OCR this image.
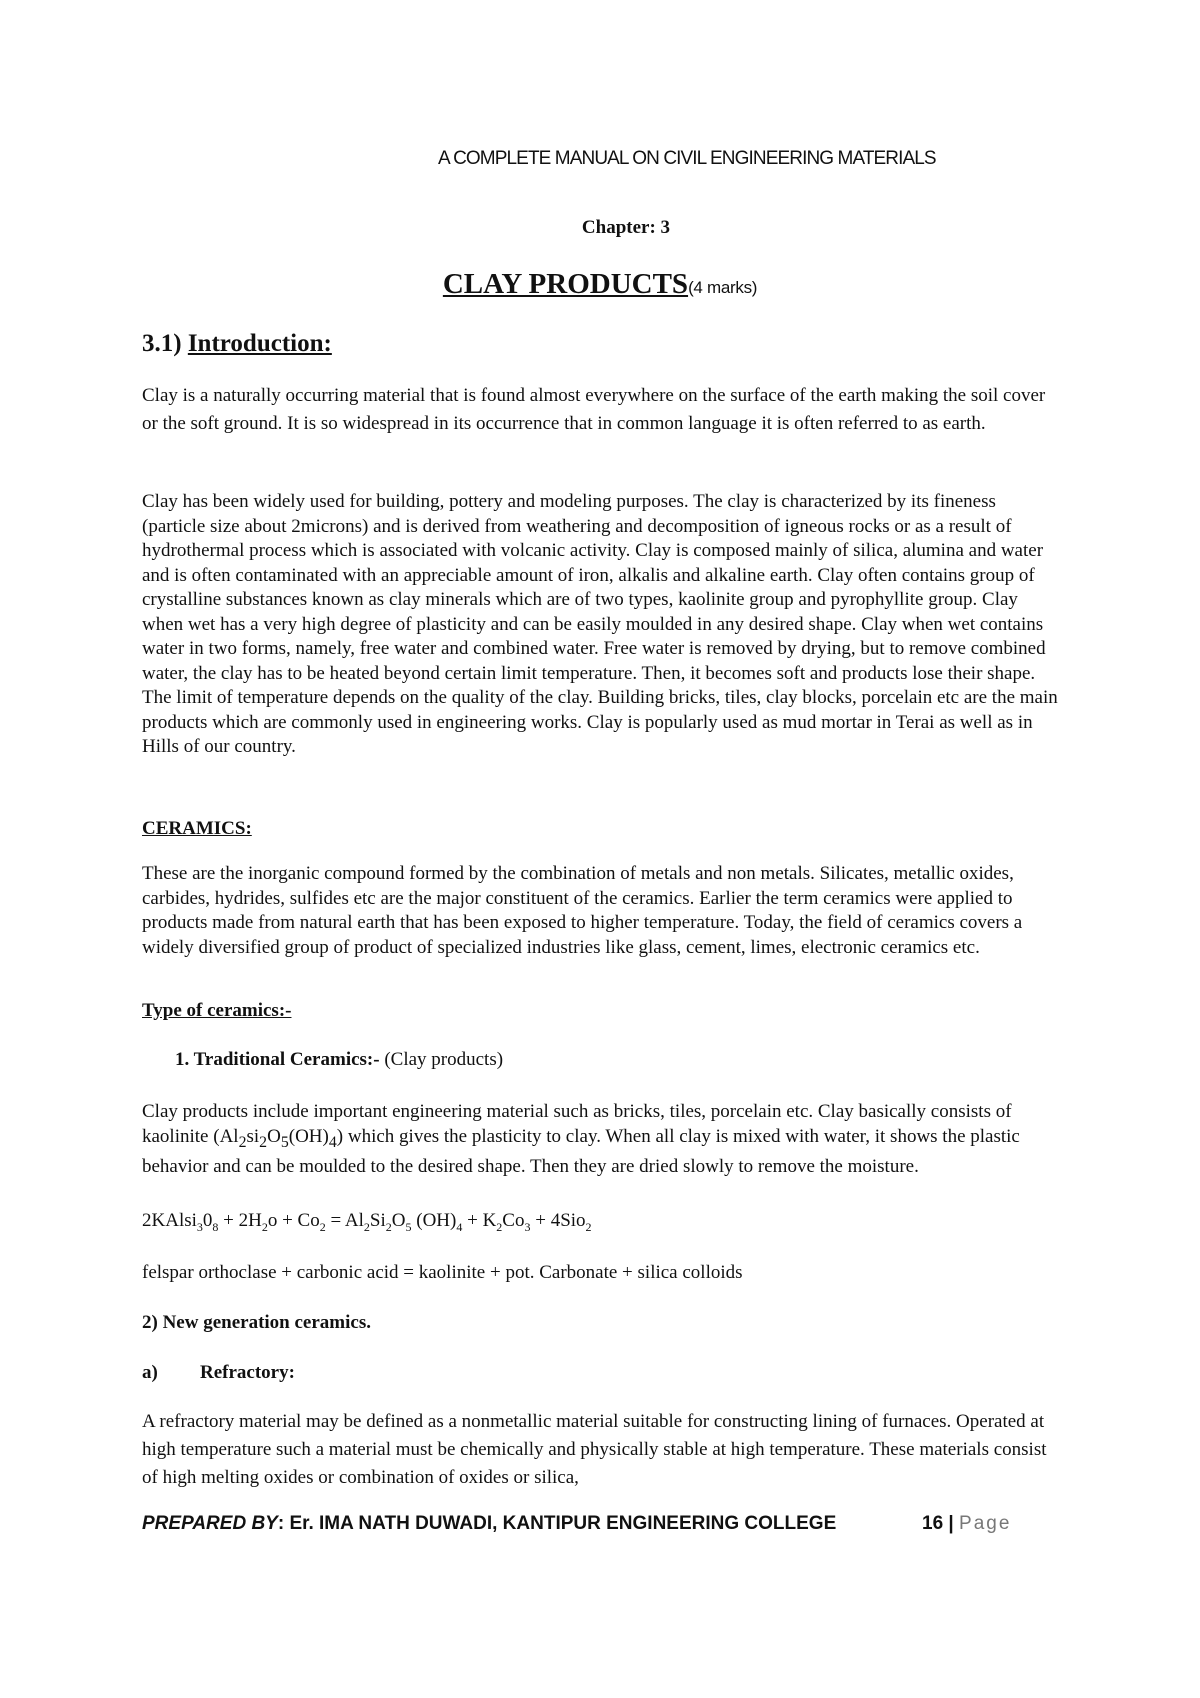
A COMPLETE MANUAL ON CIVIL ENGINEERING MATERIALS
Chapter: 3
CLAY PRODUCTS(4 marks)
3.1) Introduction:
Clay is a naturally occurring material that is found almost everywhere on the surface of the earth making the soil cover or the soft ground. It is so widespread in its occurrence that in common language it is often referred to as earth.
Clay has been widely used for building, pottery and modeling purposes. The clay is characterized by its fineness (particle size about 2microns) and is derived from weathering and decomposition of igneous rocks or as a result of hydrothermal process which is associated with volcanic activity. Clay is composed mainly of silica, alumina and water and is often contaminated with an appreciable amount of iron, alkalis and alkaline earth. Clay often contains group of crystalline substances known as clay minerals which are of two types, kaolinite group and pyrophyllite group. Clay when wet has a very high degree of plasticity and can be easily moulded in any desired shape. Clay when wet contains water in two forms, namely, free water and combined water. Free water is removed by drying, but to remove combined water, the clay has to be heated beyond certain limit temperature. Then, it becomes soft and products lose their shape. The limit of temperature depends on the quality of the clay. Building bricks, tiles, clay blocks, porcelain etc are the main products which are commonly used in engineering works. Clay is popularly used as mud mortar in Terai as well as in Hills of our country.
CERAMICS:
These are the inorganic compound formed by the combination of metals and non metals. Silicates, metallic oxides, carbides, hydrides, sulfides etc are the major constituent of the ceramics. Earlier the term ceramics were applied to products made from natural earth that has been exposed to higher temperature. Today, the field of ceramics covers a widely diversified group of product of specialized industries like glass, cement, limes, electronic ceramics etc.
Type of ceramics:-
1. Traditional Ceramics:- (Clay products)
Clay products include important engineering material such as bricks, tiles, porcelain etc. Clay basically consists of kaolinite $(Al_2si_2O_5(OH)_4)$ which gives the plasticity to clay. When all clay is mixed with water, it shows the plastic behavior and can be moulded to the desired shape. Then they are dried slowly to remove the moisture.
$2KAlsi_30_8 + 2H_2o + Co_2 = Al_2Si_2O_5$ $(OH)_4 + K_2Co_3 + 4Sio_2$
felspar orthoclase + carbonic acid = kaolinite + pot. Carbonate + silica colloids
2) New generation ceramics.
a) Refractory:
A refractory material may be defined as a nonmetallic material suitable for constructing lining of furnaces. Operated at high temperature such a material must be chemically and physically stable at high temperature. These materials consist of high melting oxides or combination of oxides or silica,
PREPARED BY: Er. IMA NATH DUWADI, KANTIPUR ENGINEERING COLLEGE	16 | Page
